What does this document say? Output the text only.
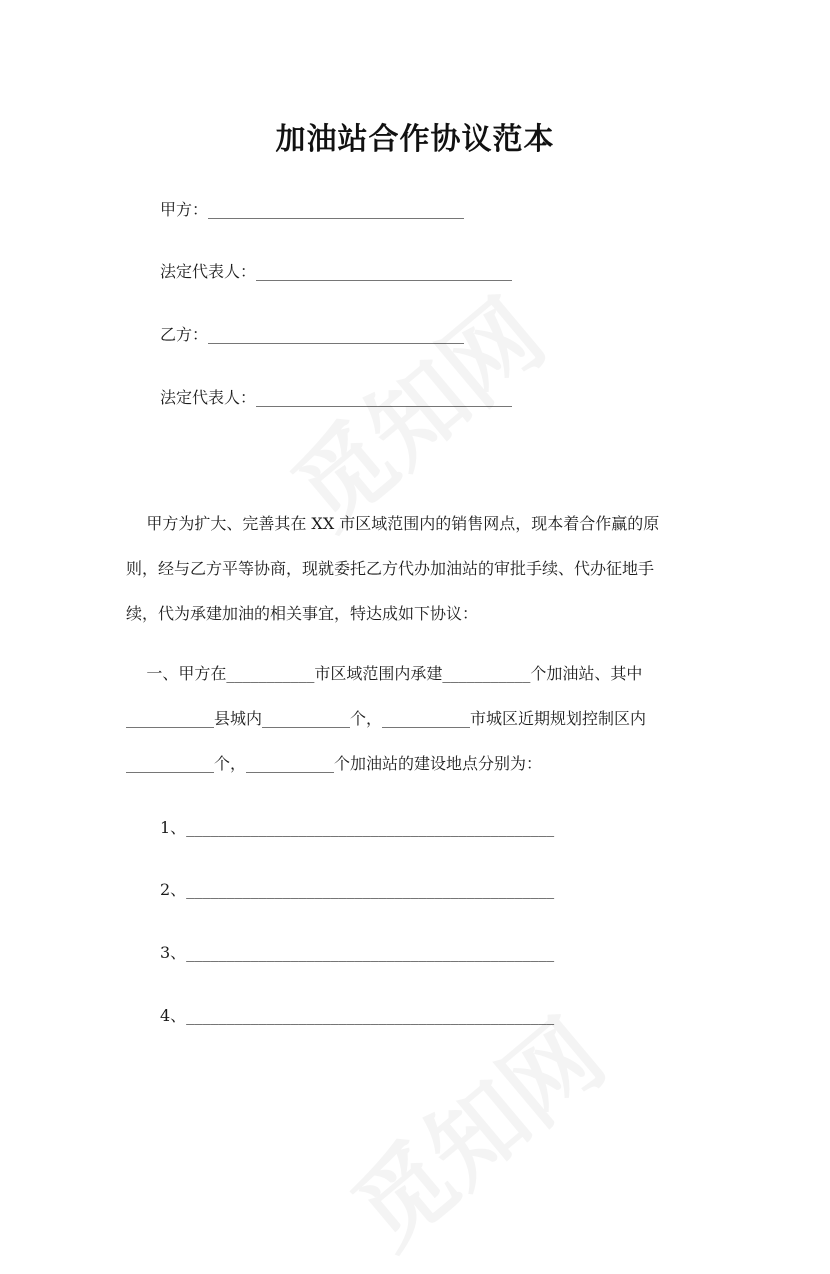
加油站合作协议范本
甲方：________________________________
法定代表人：________________________________
乙方：________________________________
法定代表人：________________________________
甲方为扩大、完善其在 XX 市区域范围内的销售网点，现本着合作赢的原
则，经与乙方平等协商，现就委托乙方代办加油站的审批手续、代办征地手
续，代为承建加油的相关事宜，特达成如下协议：
一、甲方在___________市区域范围内承建___________个加油站、其中
___________县城内___________个，___________市城区近期规划控制区内
___________个，___________个加油站的建设地点分别为：
1、______________________________________________
2、______________________________________________
3、______________________________________________
4、______________________________________________
